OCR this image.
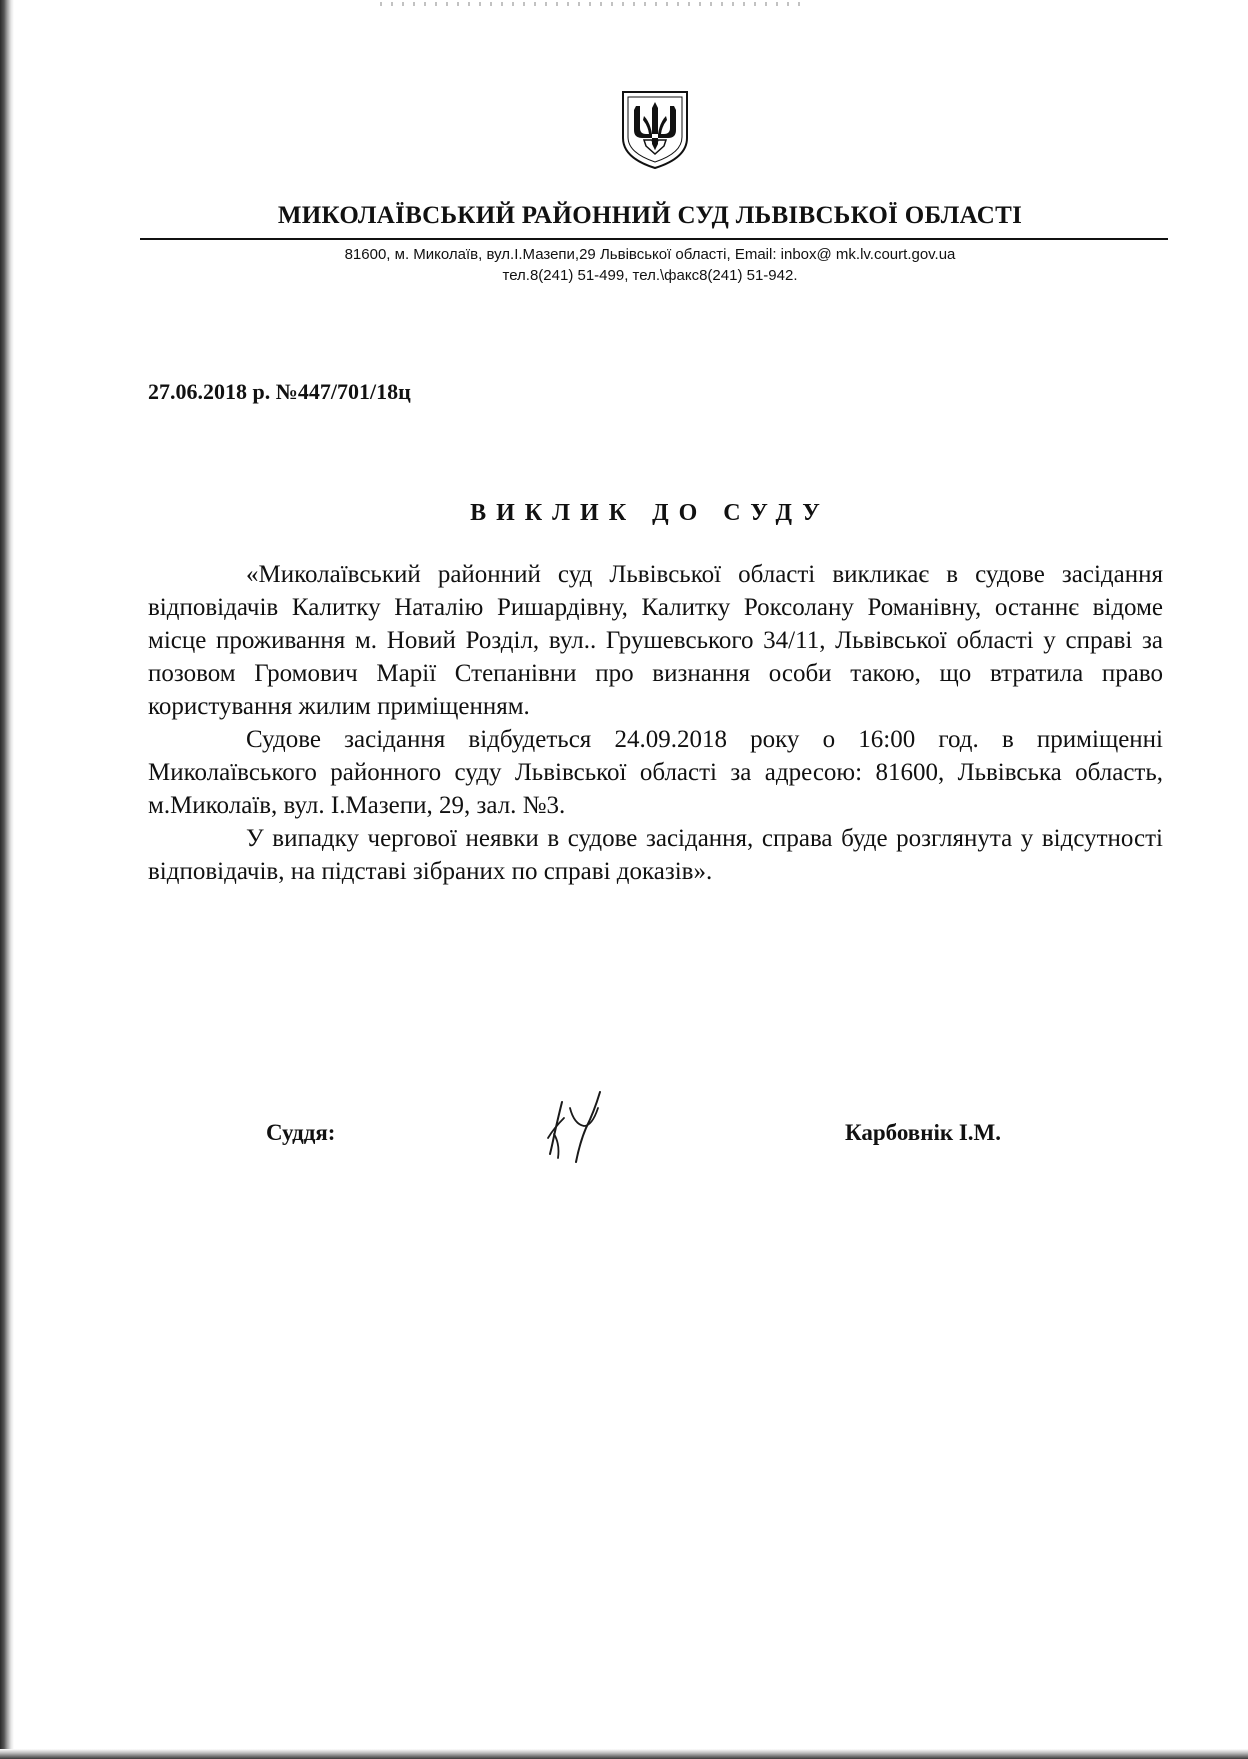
МИКОЛАЇВСЬКИЙ РАЙОННИЙ СУД ЛЬВІВСЬКОЇ ОБЛАСТІ
81600, м. Миколаїв, вул.І.Мазепи,29 Львівської області, Email: inbox@ mk.lv.court.gov.ua
тел.8(241) 51-499, тел.\факс8(241) 51-942.
27.06.2018 р. №447/701/18ц
ВИКЛИК ДО СУДУ

«Миколаївський районний суд Львівської області викликає в судове засідання відповідачів Калитку Наталію Ришардівну, Калитку Роксолану Романівну, останнє відоме місце проживання м. Новий Розділ, вул.. Грушевського 34/11, Львівської області у справі за позовом Громович Марії Степанівни про визнання особи такою, що втратила право користування жилим приміщенням.

Судове засідання відбудеться 24.09.2018 року о 16:00 год. в приміщенні Миколаївського районного суду Львівської області за адресою: 81600, Львівська область, м.Миколаїв, вул. І.Мазепи, 29, зал. №3.

У випадку чергової неявки в судове засідання, справа буде розглянута у відсутності відповідачів, на підставі зібраних по справі доказів».

Суддя:	Карбовнік І.М.
